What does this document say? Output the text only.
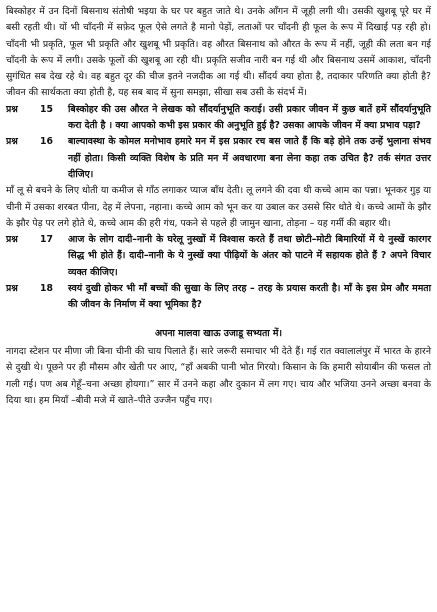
बिस्कोहर में उन दिनों बिसनाथ संतोषी भइया के घर पर बहुत जाते थे। उनके आँगन में जूही लगी थी। उसकी खुशबू पूरे घर में बसी रहती थी। यों भी चाँदनी में सफ़ेद फूल ऐसे लगते है मानो पेड़ों, लताओं पर चाँदनी ही फूल के रूप में दिखाई पड़ रही हो। चाँदनी भी प्रकृति, फूल भी प्रकृति और खुशबू भी प्रकृति। वह औरत बिसनाथ को औरत के रूप में नहीं, जूही की लता बन गई चाँदनी के रूप में लगी। उसके फूलों की खुशबू आ रही थी। प्रकृति सजीव नारी बन गई थी और बिसनाथ उसमें आकाश, चाँदनी सुगंधित सब देख रहे थे। वह बहुत दूर की चीज इतने नजदीक आ गई थी। सौंदर्य क्या होता है, तदाकार परिणति क्या होती है? जीवन की सार्थकता क्या होती है, यह सब बाद में सुना समझा, सीखा सब उसी के संदर्भ में।

प्रश्न	15	बिस्कोहर की उस औरत ने लेखक को सौंदर्यानुभूति कराई। उसी प्रकार जीवन में कुछ बातें हमें सौंदर्यानुभूति करा देती है । क्या आपको कभी इस प्रकार की अनुभूति हुई है? उसका आपके जीवन में क्या प्रभाव पड़ा?
प्रश्न	16	बाल्यावस्था के कोमल मनोभाव हमारे मन में इस प्रकार रच बस जाते हैं कि बड़े होने तक उन्हें भुलाना संभव नहीं होता। किसी व्यक्ति विशेष के प्रति मन में अवधारणा बना लेना कहा तक उचित है? तर्क संगत उत्तर दीजिए।

माँ लू से बचने के लिए धोती या कमीज से गाँठ लगाकर प्याज बाँध देती। लू लगने की दवा थी कच्चे आम का पन्ना। भूनकर गुड़ या चीनी में उसका शरबत पीना, देह में लेपना, नहाना। कच्चे आम को भून कर या उबाल कर उससे सिर धोते थे। कच्चे आमों के झौर के झौर पेड़ पर लगे होते थे, कच्चे आम की हरी गंध, पकने से पहले ही जामुन खाना, तोड़ना – यह गर्मी की बहार थी।

प्रश्न	17	आज के लोग दादी–नानी के घरेलू नुस्खों में विश्वास करते हैं तथा छोटी–मोटी बिमारियों में ये नुस्खें कारगर सिद्ध भी होते हैं। दादी–नानी के ये नुस्खें क्या पीढ़ियों के अंतर को पाटने में सहायक होते हैं ? अपने विचार व्यक्त कीजिए।
प्रश्न	18	स्वयं दुखी होकर भी माँ बच्चों की सुखा के लिए तरह – तरह के प्रयास करती है। माँ के इस प्रेम और ममता की जीवन के निर्माण में क्या भूमिका है?
अपना मालवा खाऊ उजाडू सभ्यता में।

नागदा स्टेशन पर मीणा जी बिना चीनी की चाय पिलाते हैं। सारे जरूरी समाचार भी देते हैं। गई रात क्वालालंपुर में भारत के हारने से दुखी थे। पूछने पर ही मौसम और खेती पर आए, “हाँ अबकी पानी भोत गिरयो। किसान के कि हमारी सोयाबीन की फसल तो गली गई। पण अब गेहूँ–चना अच्छा होयगा।” सार में उनने कहा और दुकान में लग गए। चाय और भजिया उनने अच्छा बनवा के दिया था। हम मियाँ –बीवी मजे में खाते–पीते उज्जैन पहुँच गए।
